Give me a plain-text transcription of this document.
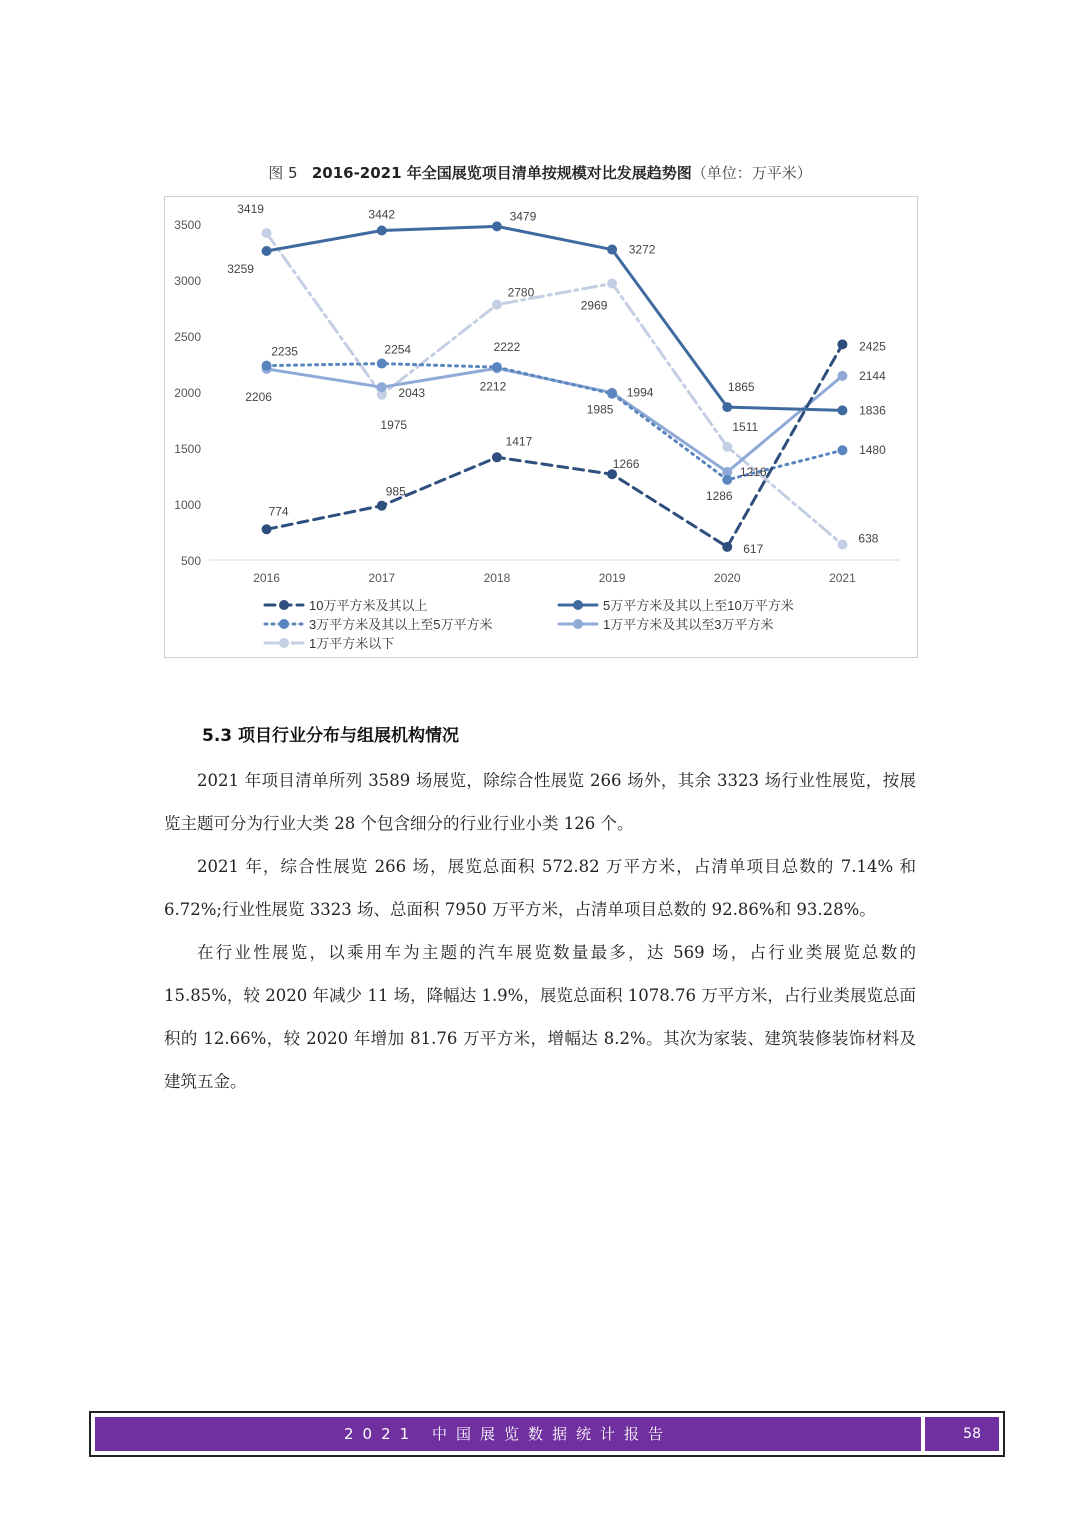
图 5 2016-2021 年全国展览项目清单按规模对比发展趋势图（单位：万平米）
500
1000
1500
2000
2500
3000
3500
2016	2017	2018	2019	2020	2021
774
985
1417
1266
617
2425
3259
3442	3479
3272
1865
1836
2235	2254	2222
1985
1216
1480
2206	2043	2212	1994
1286
2144
3419
1975
2780
2969
1511
638
10万平方米及其以上	5万平方米及其以上至10万平方米
3万平方米及其以上至5万平方米	1万平方米及其以至3万平方米
1万平方米以下
5.3 项目行业分布与组展机构情况

2021 年项目清单所列 3589 场展览，除综合性展览 266 场外，其余 3323 场行业性展览，按展览主题可分为行业大类 28 个包含细分的行业行业小类 126 个。

2021 年，综合性展览 266 场，展览总面积 572.82 万平方米，占清单项目总数的 7.14% 和 6.72%;行业性展览 3323 场、总面积 7950 万平方米，占清单项目总数的 92.86%和 93.28%。

在行业性展览，以乘用车为主题的汽车展览数量最多，达 569 场，占行业类展览总数的 15.85%，较 2020 年减少 11 场，降幅达 1.9%，展览总面积 1078.76 万平方米，占行业类展览总面积的 12.66%，较 2020 年增加 81.76 万平方米，增幅达 8.2%。其次为家装、建筑装修装饰材料及建筑五金。

2021 中国展览数据统计报告	58
